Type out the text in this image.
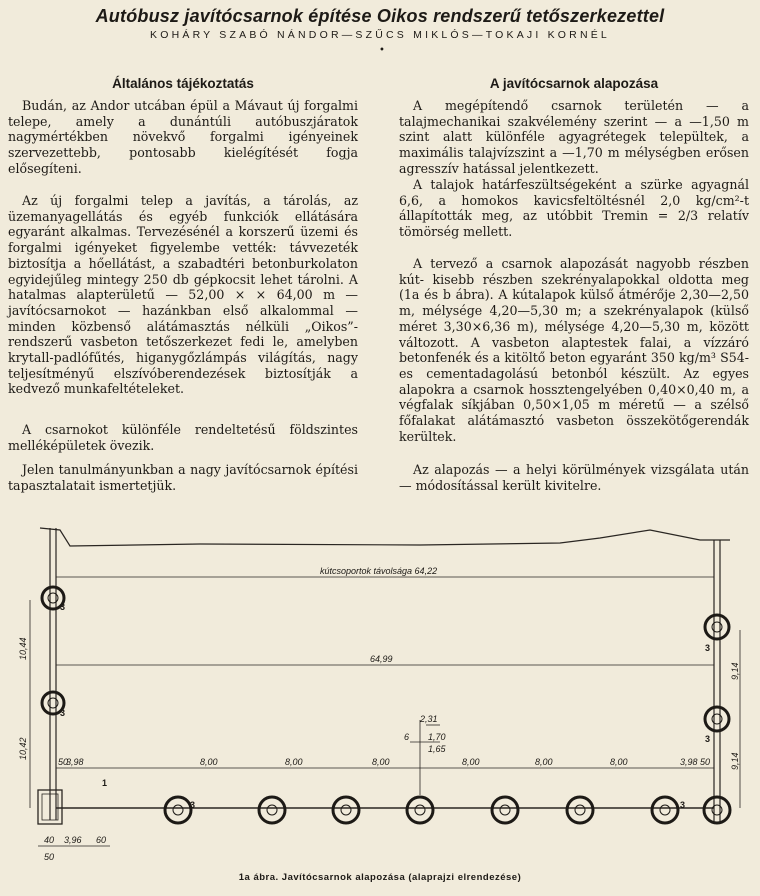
Autóbusz javítócsarnok építése Oikos rendszerű tetőszerkezettel
KOHÁRY SZABÓ NÁNDOR—SZŰCS MIKLÓS—TOKAJI KORNÉL
•
Általános tájékoztatás

Budán, az Andor utcában épül a Mávaut új forgalmi telepe, amely a dunántúli autóbuszjáratok nagymértékben növekvő forgalmi igényeinek szervezettebb, pontosabb kielégítését fogja elősegíteni.

Az új forgalmi telep a javítás, a tárolás, az üzemanyagellátás és egyéb funkciók ellátására egyaránt alkalmas. Tervezésénél a korszerű üzemi és forgalmi igényeket figyelembe vették: távvezeték biztosítja a hőellátást, a szabadtéri betonburkolaton egyidejűleg mintegy 250 db gépkocsit lehet tárolni. A hatalmas alapterületű — 52,00 × × 64,00 m — javítócsarnokot — hazánkban első alkalommal — minden közbenső alátámasztás nélküli „Oikos”-rendszerű vasbeton tetőszerkezet fedi le, amelyben krytall-padlófűtés, higanygőzlámpás világítás, nagy teljesítményű elszívóberendezések biztosítják a kedvező munkafeltételeket.

A csarnokot különféle rendeltetésű földszintes melléképületek övezik.

Jelen tanulmányunkban a nagy javítócsarnok építési tapasztalatait ismertetjük.

A javítócsarnok alapozása

A megépítendő csarnok területén — a talajmechanikai szakvélemény szerint — a —1,50 m szint alatt különféle agyagrétegek települtek, a maximális talajvízszint a —1,70 m mélységben erősen agresszív hatással jelentkezett.

A talajok határfeszültségeként a szürke agyagnál 6,6, a homokos kavicsfeltöltésnél 2,0 kg/cm²-t állapították meg, az utóbbit Tremin = 2/3 relatív tömörség mellett.

A tervező a csarnok alapozását nagyobb részben kút- kisebb részben szekrényalapokkal oldotta meg (1a és b ábra). A kútalapok külső átmérője 2,30—2,50 m, mélysége 4,20—5,30 m; a szekrényalapok (külső méret 3,30×6,36 m), mélysége 4,20—5,30 m, között változott. A vasbeton alaptestek falai, a vízzáró betonfenék és a kitöltő beton egyaránt 350 kg/m³ S54-es cementadagolású betonból készült. Az egyes alapokra a csarnok hossztengelyében 0,40×0,40 m, a végfalak síkjában 0,50×1,05 m méretű — a szélső főfalakat alátámasztó vasbeton összekötőgerendák kerültek.

Az alapozás — a helyi körülmények vizsgálata után — módosítással került kivitelre.

kútcsoportok távolsága 64,22
64,99
10,44
10,42
9,14
9,14
50
3,98	8,00	8,00	8,00	8,00	3,98 50
8,00	8,00
2,31
6 1,70
1,65
40
50
3,96 60
3
3
3
3
3	3
1
1a ábra. Javítócsarnok alapozása (alaprajzi elrendezése)
